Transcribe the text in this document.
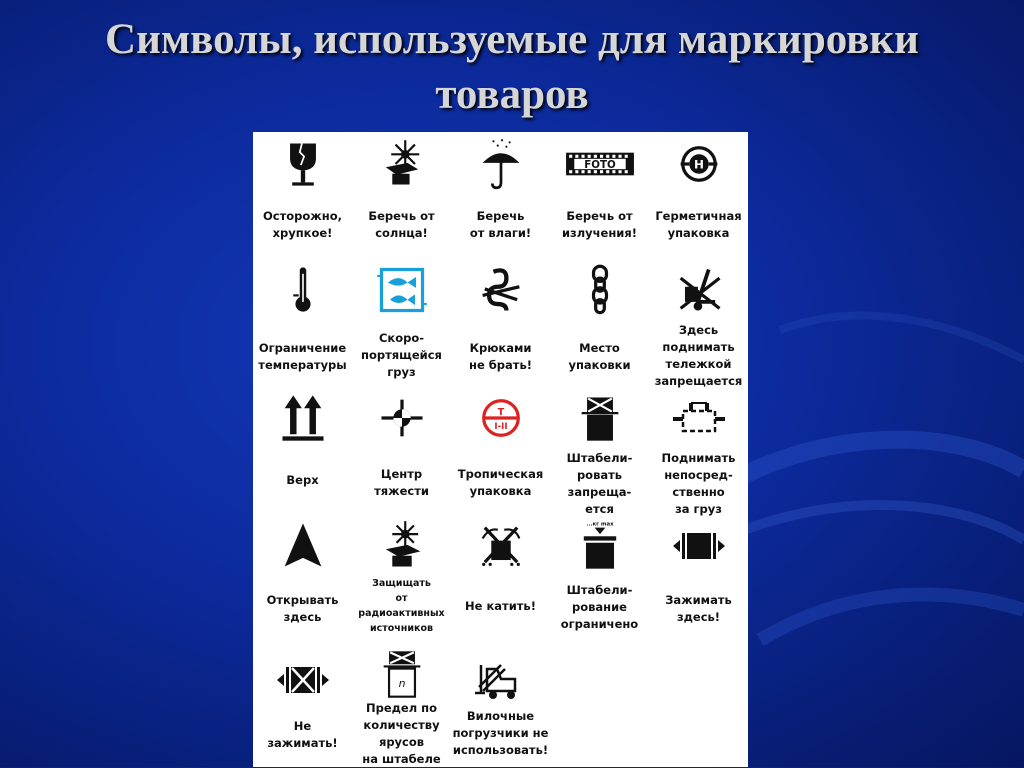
Символы, используемые для маркировки
товаров
Осторожно,
хрупкое!
Беречь от
солнца!
Беречь
от влаги!
FOTO
Беречь от
излучения!
H
Герметичная
упаковка
Ограничение
температуры
Скоро-
портящейся
груз
Крюками
не брать!
Место
упаковки
Здесь
поднимать
тележкой
запрещается
Верх	Центр
тяжести
T
I-II
Тропическая
упаковка
Штабели-
ровать
запреща-
ется
Поднимать
непосред-
ственно
за груз
Открывать
здесь
Защищать
от
радиоактивных
источников
Не катить!
...кг max
Штабели-
рование
ограничено
Зажимать
здесь!
Не
зажимать!
n
Предел по
количеству
ярусов
на штабеле
Вилочные
погрузчики не
использовать!
